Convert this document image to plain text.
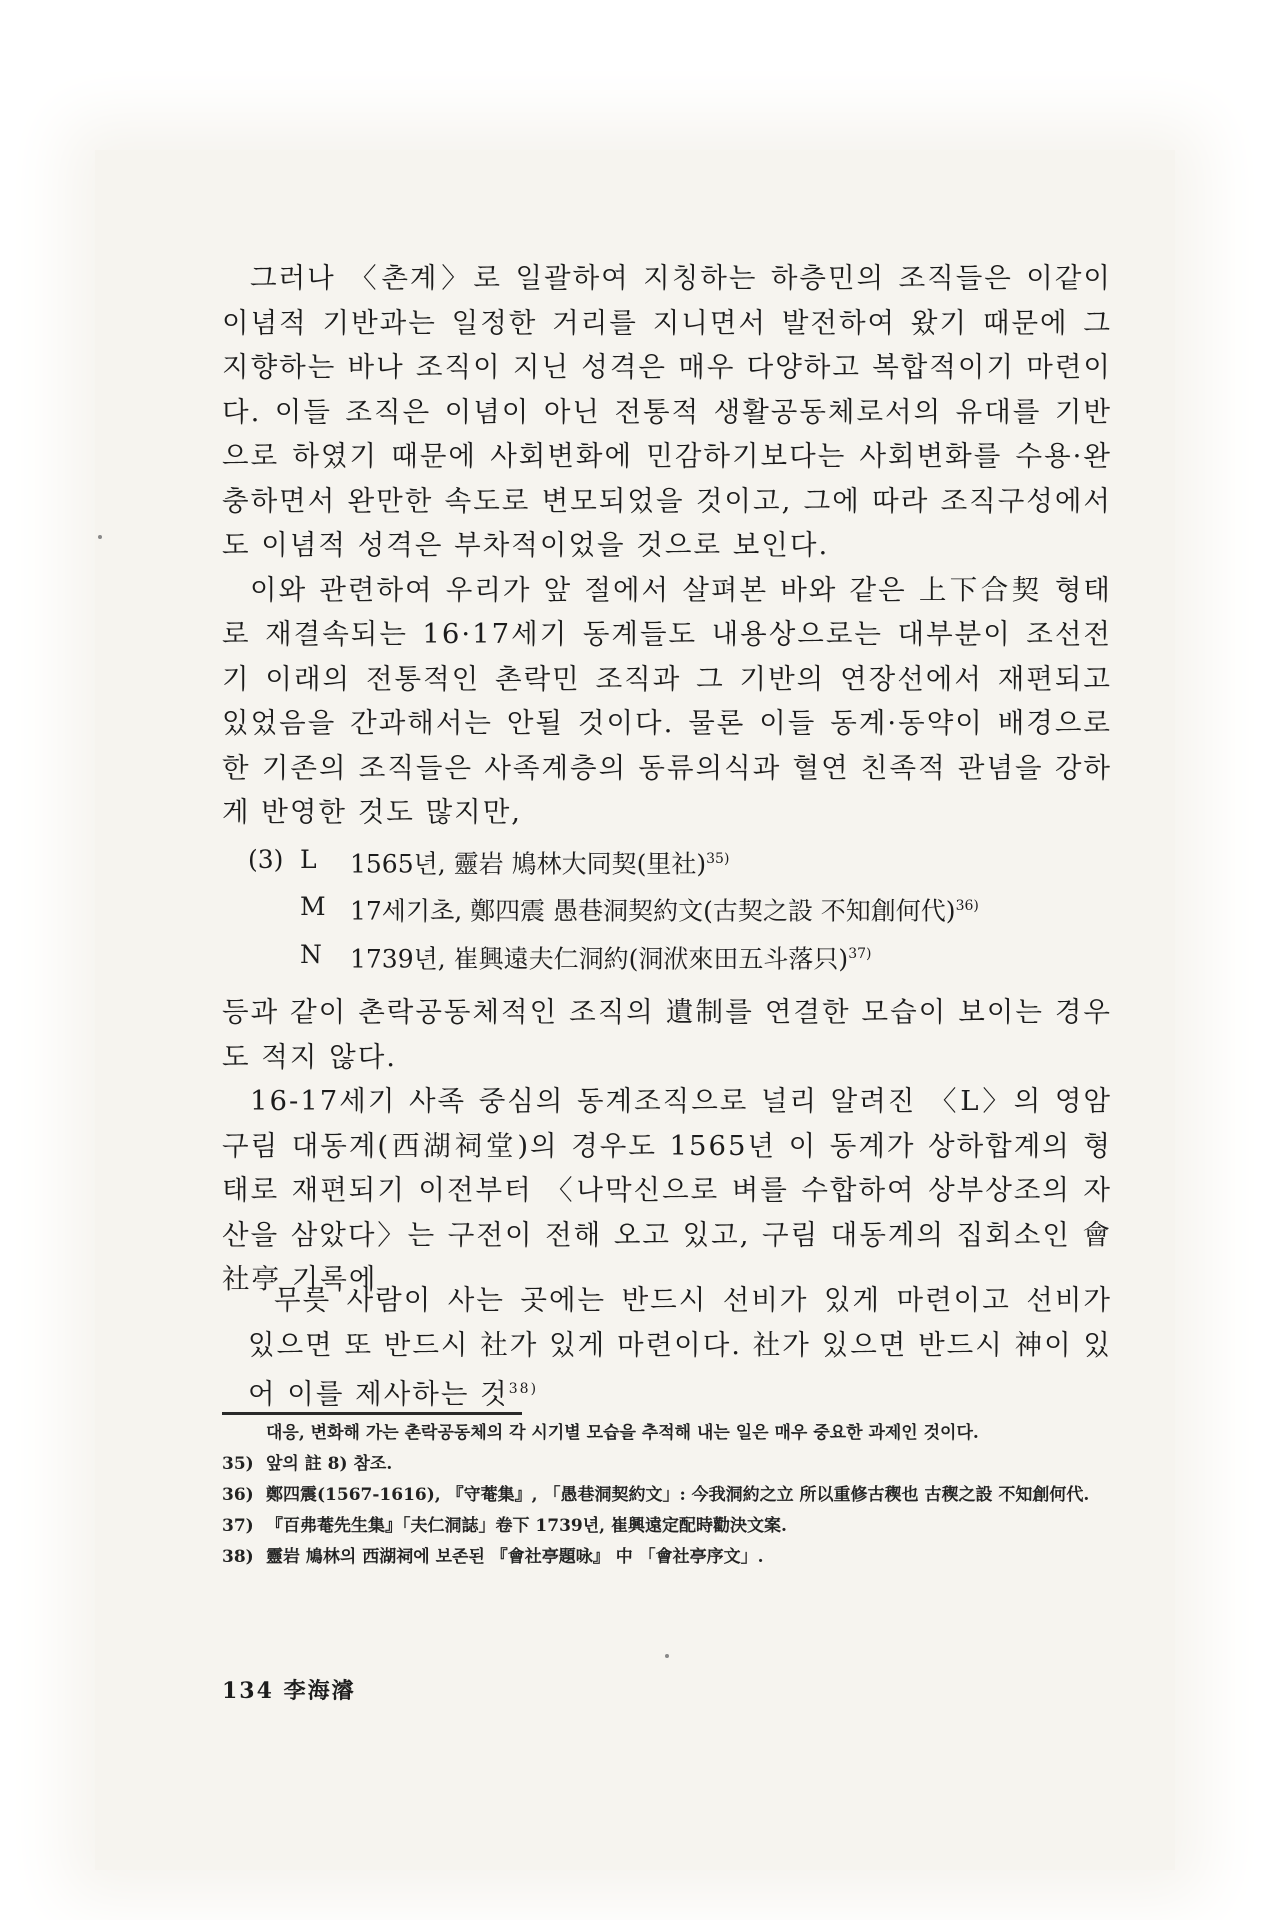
그러나 〈촌계〉로 일괄하여 지칭하는 하층민의 조직들은 이같이 이념적 기반과는 일정한 거리를 지니면서 발전하여 왔기 때문에 그 지향하는 바나 조직이 지닌 성격은 매우 다양하고 복합적이기 마련이다. 이들 조직은 이념이 아닌 전통적 생활공동체로서의 유대를 기반으로 하였기 때문에 사회변화에 민감하기보다는 사회변화를 수용·완충하면서 완만한 속도로 변모되었을 것이고, 그에 따라 조직구성에서도 이념적 성격은 부차적이었을 것으로 보인다.

이와 관련하여 우리가 앞 절에서 살펴본 바와 같은 上下合契 형태로 재결속되는 16·17세기 동계들도 내용상으로는 대부분이 조선전기 이래의 전통적인 촌락민 조직과 그 기반의 연장선에서 재편되고 있었음을 간과해서는 안될 것이다. 물론 이들 동계·동약이 배경으로 한 기존의 조직들은 사족계층의 동류의식과 혈연 친족적 관념을 강하게 반영한 것도 많지만,

(3) L	1565년, 靈岩 鳩林大同契(里社)$^{35)}$
M 17세기초, 鄭四震 愚巷洞契約文(古契之設 不知創何代)$^{36)}$
N	1739년, 崔興遠夫仁洞約(洞洑來田五斗落只)$^{37)}$

등과 같이 촌락공동체적인 조직의 遺制를 연결한 모습이 보이는 경우도 적지 않다.

16-17세기 사족 중심의 동계조직으로 널리 알려진 〈L〉의 영암 구림 대동계(西湖祠堂)의 경우도 1565년 이 동계가 상하합계의 형태로 재편되기 이전부터 〈나막신으로 벼를 수합하여 상부상조의 자산을 삼았다〉는 구전이 전해 오고 있고, 구림 대동계의 집회소인 會社亭 기록에

무릇 사람이 사는 곳에는 반드시 선비가 있게 마련이고 선비가 있으면 또 반드시 社가 있게 마련이다. 社가 있으면 반드시 神이 있어 이를 제사하는 것$^{38)}$

대응, 변화해 가는 촌락공동체의 각 시기별 모습을 추적해 내는 일은 매우 중요한 과제인 것이다.
35) 앞의 註 8) 참조.
36) 鄭四震(1567-1616), 『守菴集』, 「愚巷洞契約文」: 今我洞約之立 所以重修古稧也 古稧之設 不知創何代.
37) 『百弗菴先生集』「夫仁洞誌」卷下 1739년, 崔興遠定配時勸決文案.
38) 靈岩 鳩林의 西湖祠에 보존된 『會社亭題咏』 中 「會社亭序文」.
134 李海濬
